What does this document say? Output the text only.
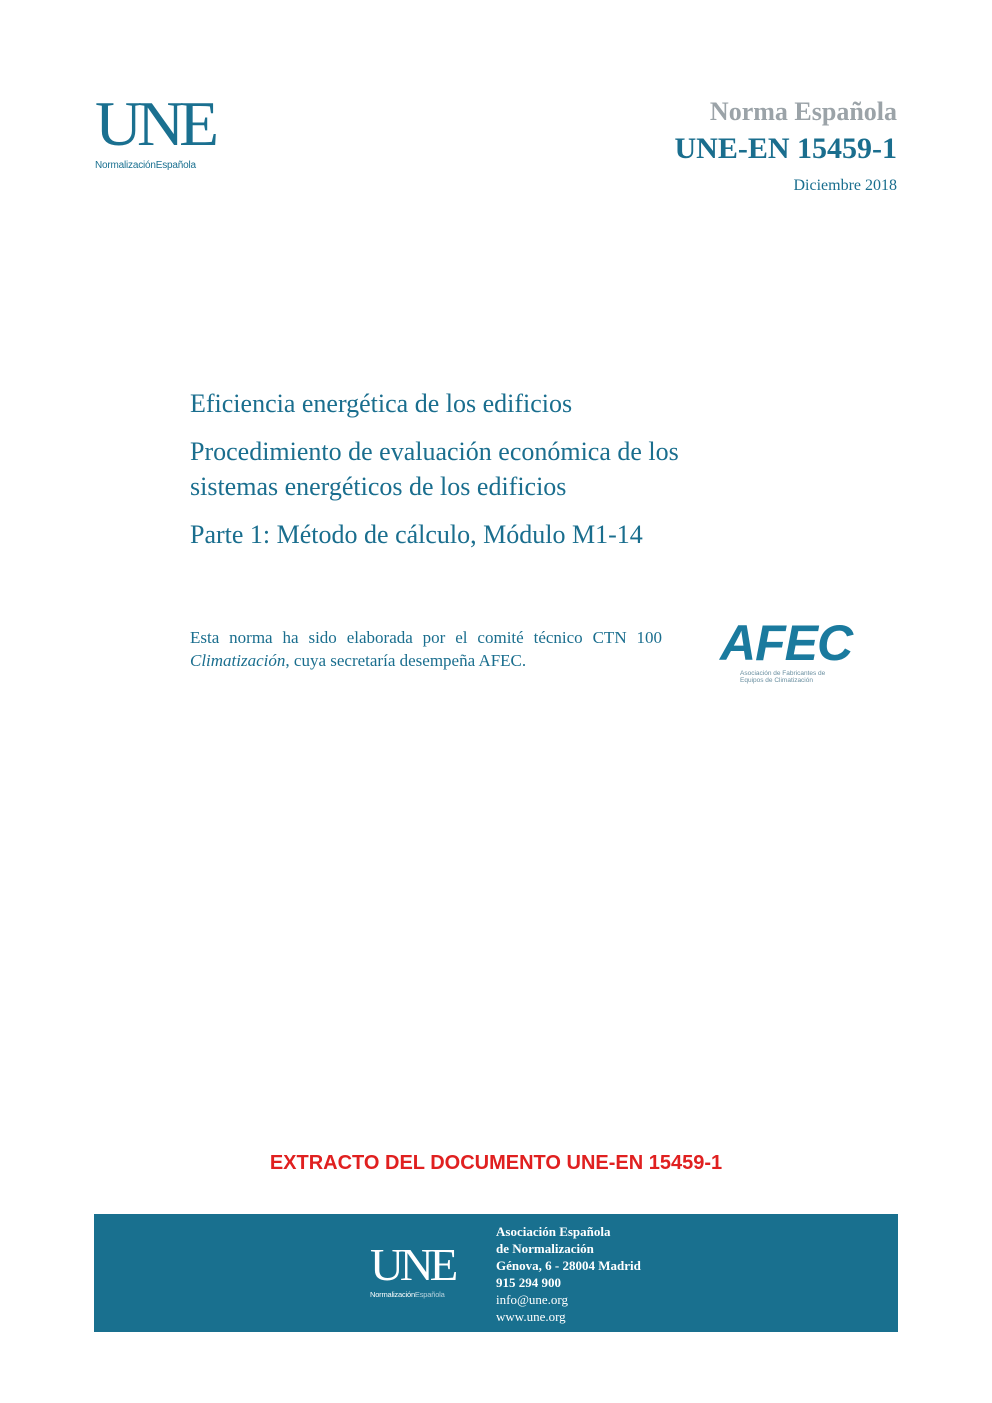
UNE
NormalizaciónEspañola
Norma Española
UNE-EN 15459-1
Diciembre 2018

Eficiencia energética de los edificios

Procedimiento de evaluación económica de los

sistemas energéticos de los edificios

Parte 1: Método de cálculo, Módulo M1-14

Esta norma ha sido elaborada por el comité técnico CTN 100 Climatización, cuya secretaría desempeña AFEC.	AFEC
Asociación de Fabricantes de
Equipos de Climatización
EXTRACTO DEL DOCUMENTO UNE-EN 15459-1
UNE
NormalizaciónEspañola
Asociación Española
de Normalización
Génova, 6 - 28004 Madrid
915 294 900
info@une.org
www.une.org
